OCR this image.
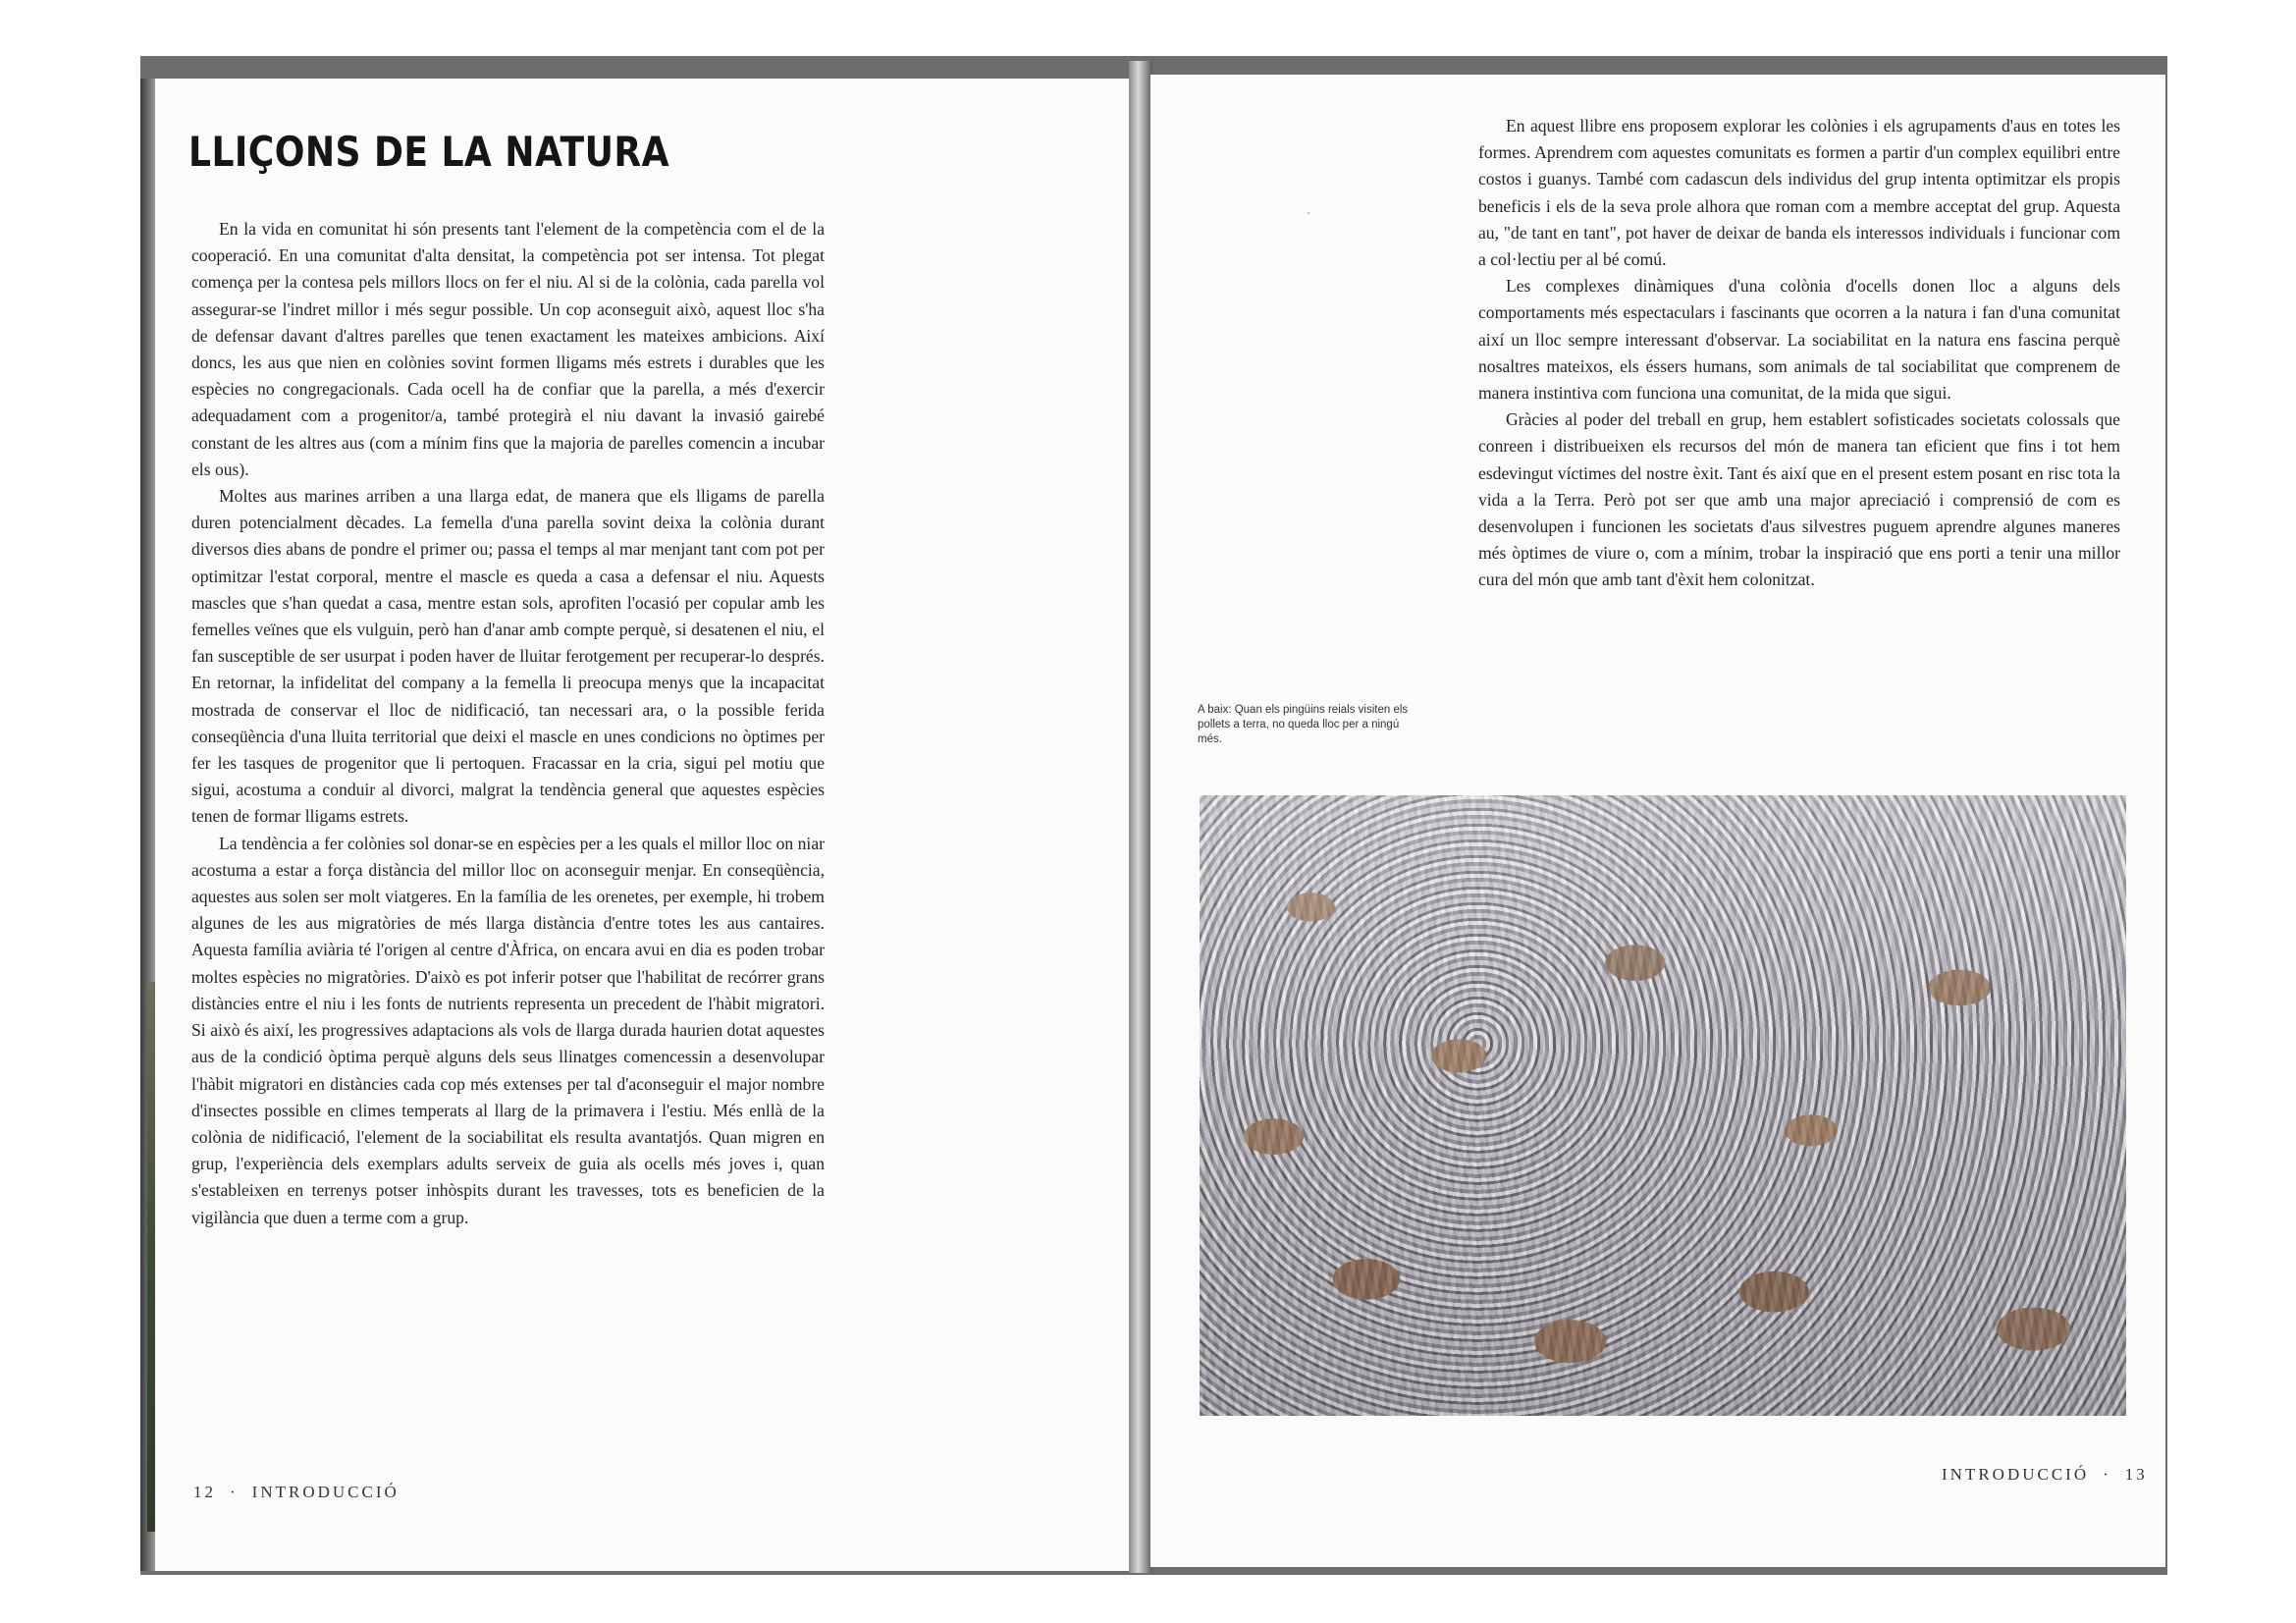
LLIÇONS DE LA NATURA

En la vida en comunitat hi són presents tant l'element de la competència com el de la cooperació. En una comunitat d'alta densitat, la competència pot ser intensa. Tot plegat comença per la contesa pels millors llocs on fer el niu. Al si de la colònia, cada parella vol assegurar-se l'indret millor i més segur possible. Un cop aconseguit això, aquest lloc s'ha de defensar davant d'altres parelles que tenen exactament les mateixes ambicions. Així doncs, les aus que nien en colònies sovint formen lligams més estrets i durables que les espècies no congregacionals. Cada ocell ha de confiar que la parella, a més d'exercir adequadament com a progenitor/a, també protegirà el niu davant la invasió gairebé constant de les altres aus (com a mínim fins que la majoria de parelles comencin a incubar els ous).

Moltes aus marines arriben a una llarga edat, de manera que els lligams de parella duren potencialment dècades. La femella d'una parella sovint deixa la colònia durant diversos dies abans de pondre el primer ou; passa el temps al mar menjant tant com pot per optimitzar l'estat corporal, mentre el mascle es queda a casa a defensar el niu. Aquests mascles que s'han quedat a casa, mentre estan sols, aprofiten l'ocasió per copular amb les femelles veïnes que els vulguin, però han d'anar amb compte perquè, si desatenen el niu, el fan susceptible de ser usurpat i poden haver de lluitar ferotgement per recuperar-lo després. En retornar, la infidelitat del company a la femella li preocupa menys que la incapacitat mostrada de conservar el lloc de nidificació, tan necessari ara, o la possible ferida conseqüència d'una lluita territorial que deixi el mascle en unes condicions no òptimes per fer les tasques de progenitor que li pertoquen. Fracassar en la cria, sigui pel motiu que sigui, acostuma a conduir al divorci, malgrat la tendència general que aquestes espècies tenen de formar lligams estrets.

La tendència a fer colònies sol donar-se en espècies per a les quals el millor lloc on niar acostuma a estar a força distància del millor lloc on aconseguir menjar. En conseqüència, aquestes aus solen ser molt viatgeres. En la família de les orenetes, per exemple, hi trobem algunes de les aus migratòries de més llarga distància d'entre totes les aus cantaires. Aquesta família aviària té l'origen al centre d'Àfrica, on encara avui en dia es poden trobar moltes espècies no migratòries. D'això es pot inferir potser que l'habilitat de recórrer grans distàncies entre el niu i les fonts de nutrients representa un precedent de l'hàbit migratori. Si això és així, les progressives adaptacions als vols de llarga durada haurien dotat aquestes aus de la condició òptima perquè alguns dels seus llinatges comencessin a desenvolupar l'hàbit migratori en distàncies cada cop més extenses per tal d'aconseguir el major nombre d'insectes possible en climes temperats al llarg de la primavera i l'estiu. Més enllà de la colònia de nidificació, l'element de la sociabilitat els resulta avantatjós. Quan migren en grup, l'experiència dels exemplars adults serveix de guia als ocells més joves i, quan s'estableixen en terrenys potser inhòspits durant les travesses, tots es beneficien de la vigilància que duen a terme com a grup.

12 · INTRODUCCIÓ

En aquest llibre ens proposem explorar les colònies i els agrupaments d'aus en totes les formes. Aprendrem com aquestes comunitats es formen a partir d'un complex equilibri entre costos i guanys. També com cadascun dels individus del grup intenta optimitzar els propis beneficis i els de la seva prole alhora que roman com a membre acceptat del grup. Aquesta au, "de tant en tant", pot haver de deixar de banda els interessos individuals i funcionar com a col·lectiu per al bé comú.

Les complexes dinàmiques d'una colònia d'ocells donen lloc a alguns dels comportaments més espectaculars i fascinants que ocorren a la natura i fan d'una comunitat així un lloc sempre interessant d'observar. La sociabilitat en la natura ens fascina perquè nosaltres mateixos, els éssers humans, som animals de tal sociabilitat que comprenem de manera instintiva com funciona una comunitat, de la mida que sigui.

Gràcies al poder del treball en grup, hem establert sofisticades societats colossals que conreen i distribueixen els recursos del món de manera tan eficient que fins i tot hem esdevingut víctimes del nostre èxit. Tant és així que en el present estem posant en risc tota la vida a la Terra. Però pot ser que amb una major apreciació i comprensió de com es desenvolupen i funcionen les societats d'aus silvestres puguem aprendre algunes maneres més òptimes de viure o, com a mínim, trobar la inspiració que ens porti a tenir una millor cura del món que amb tant d'èxit hem colonitzat.

A baix: Quan els pingüins reials visiten els pollets a terra, no queda lloc per a ningú més.

INTRODUCCIÓ · 13
